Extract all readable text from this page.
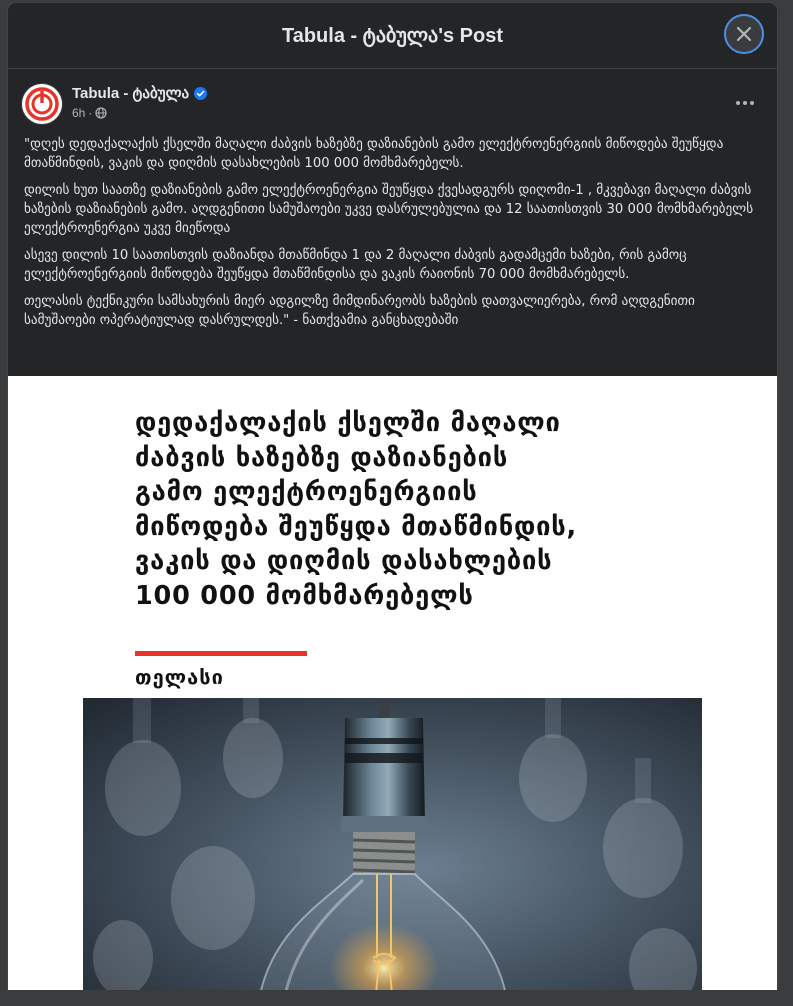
Tabula - ტაბულა's Post
Tabula - ტაბულა
6h ·

"დღეს დედაქალაქის ქსელში მაღალი ძაბვის ხაზებზე დაზიანების გამო ელექტროენერგიის მიწოდება შეუწყდა მთაწმინდის, ვაკის და დიღმის დასახლების 100 000 მომხმარებელს.

დილის ხუთ საათზე დაზიანების გამო ელექტროენერგია შეუწყდა ქვესადგურს დიღომი-1 , მკვებავი მაღალი ძაბვის ხაზების დაზიანების გამო. აღდგენითი სამუშაოები უკვე დასრულებულია და 12 საათისთვის 30 000 მომხმარებელს ელექტროენერგია უკვე მიეწოდა

ასევე დილის 10 საათისთვის დაზიანდა მთაწმინდა 1 და 2 მაღალი ძაბვის გადამცემი ხაზები, რის გამოც ელექტროენერგიის მიწოდება შეუწყდა მთაწმინდისა და ვაკის რაიონის 70 000 მომხმარებელს.

თელასის ტექნიკური სამსახურის მიერ ადგილზე მიმდინარეობს ხაზების დათვალიერება, რომ აღდგენითი სამუშაოები ოპერატიულად დასრულდეს." - ნათქვამია განცხადებაში

დედაქალაქის ქსელში მაღალი
ძაბვის ხაზებზე დაზიანების
გამო ელექტროენერგიის
მიწოდება შეუწყდა მთაწმინდის,
ვაკის და დიღმის დასახლების
100 000 მომხმარებელს
თელასი
